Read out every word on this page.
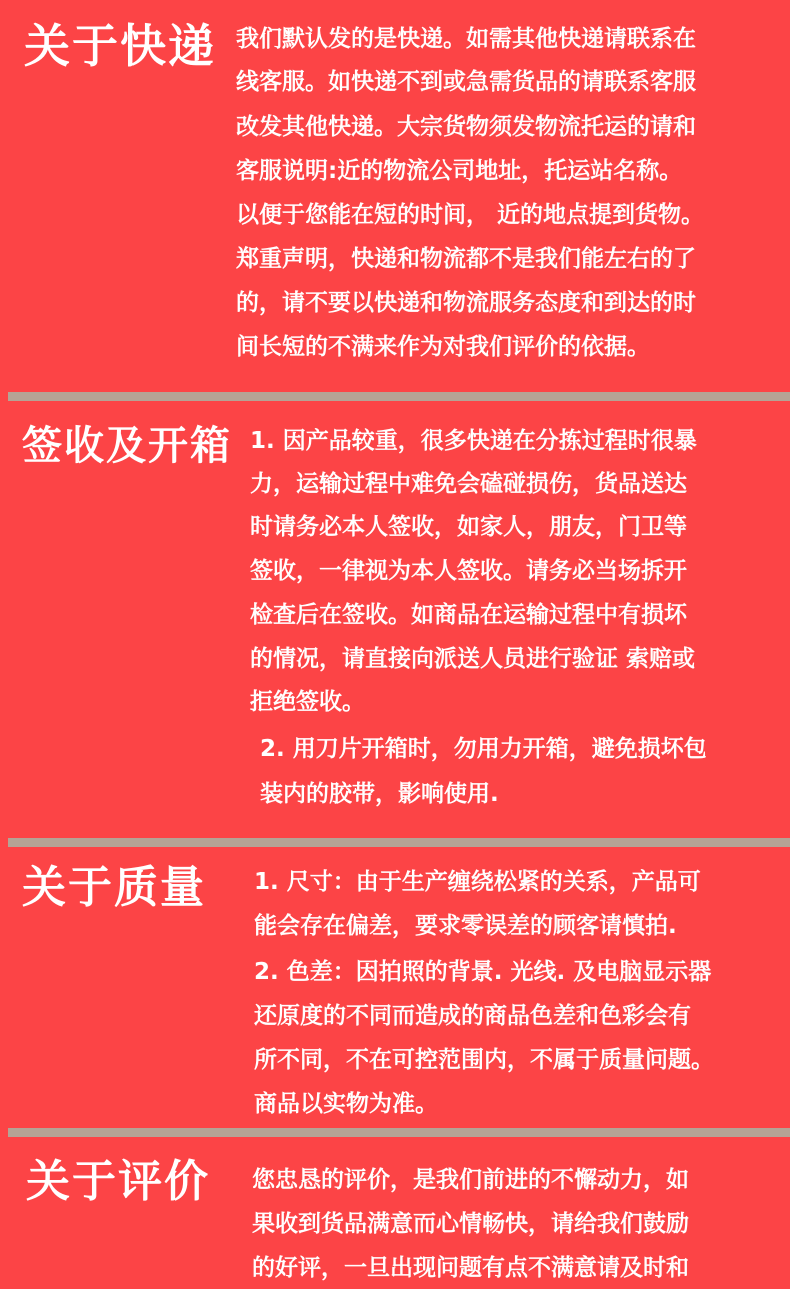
关于快递 我们默认发的是快递。如需其他快递请联系在
线客服。如快递不到或急需货品的请联系客服
改发其他快递。大宗货物须发物流托运的请和
客服说明:近的物流公司地址，托运站名称。
以便于您能在短的时间， 近的地点提到货物。
郑重声明，快递和物流都不是我们能左右的了
的，请不要以快递和物流服务态度和到达的时
间长短的不满来作为对我们评价的依据。
签收及开箱 1. 因产品较重，很多快递在分拣过程时很暴
力，运输过程中难免会磕碰损伤，货品送达
时请务必本人签收，如家人，朋友，门卫等
签收，一律视为本人签收。请务必当场拆开
检查后在签收。如商品在运输过程中有损坏
的情况，请直接向派送人员进行验证 索赔或
拒绝签收。
2. 用刀片开箱时，勿用力开箱，避免损坏包
装内的胶带，影响使用.
关于质量 1. 尺寸：由于生产缠绕松紧的关系，产品可
能会存在偏差，要求零误差的顾客请慎拍.
2. 色差：因拍照的背景. 光线. 及电脑显示器
还原度的不同而造成的商品色差和色彩会有
所不同，不在可控范围内，不属于质量问题。
商品以实物为准。
关于评价 您忠恳的评价，是我们前进的不懈动力，如
果收到货品满意而心情畅快，请给我们鼓励
的好评，一旦出现问题有点不满意请及时和
